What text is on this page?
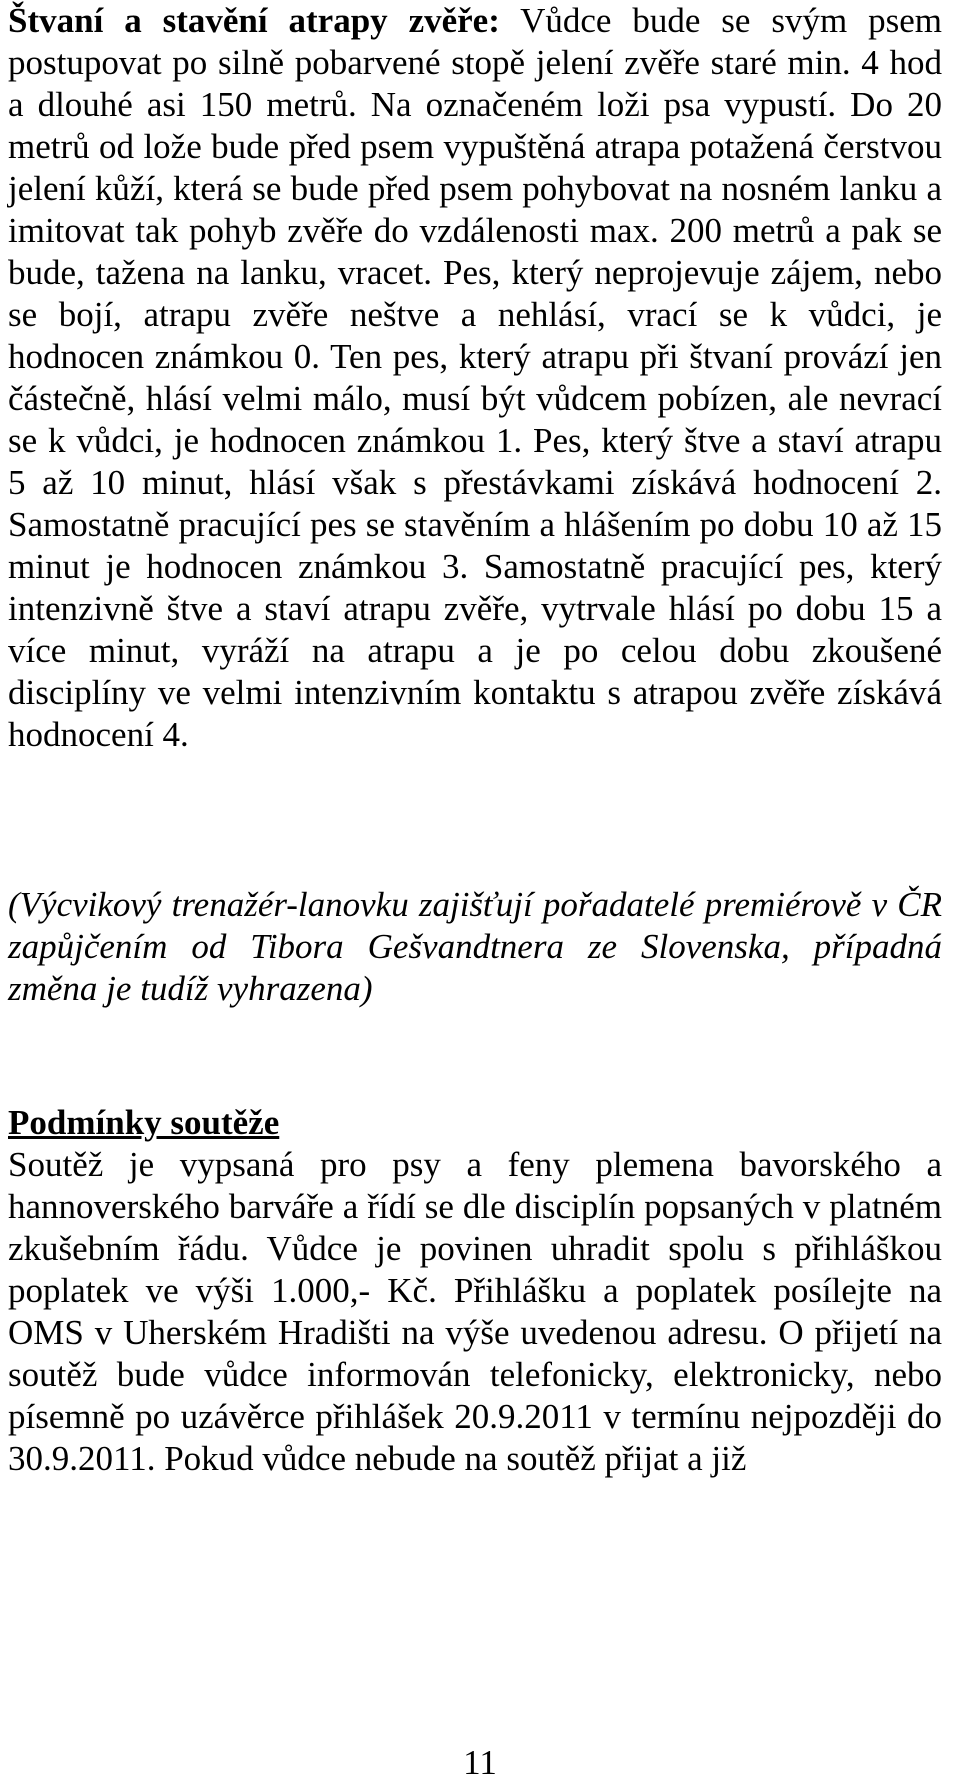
Štvaní a stavění atrapy zvěře: Vůdce bude se svým psem postupovat po silně pobarvené stopě jelení zvěře staré min. 4 hod a dlouhé asi 150 metrů. Na označeném loži psa vypustí. Do 20 metrů od lože bude před psem vypuštěná atrapa potažená čerstvou jelení kůží, která se bude před psem pohybovat na nosném lanku a imitovat tak pohyb zvěře do vzdálenosti max. 200 metrů a pak se bude, tažena na lanku, vracet. Pes, který neprojevuje zájem, nebo se bojí, atrapu zvěře neštve a nehlásí, vrací se k vůdci, je hodnocen známkou 0. Ten pes, který atrapu při štvaní provází jen částečně, hlásí velmi málo, musí být vůdcem pobízen, ale nevrací se k vůdci, je hodnocen známkou 1. Pes, který štve a staví atrapu 5 až 10 minut, hlásí však s přestávkami získává hodnocení 2. Samostatně pracující pes se stavěním a hlášením po dobu 10 až 15 minut je hodnocen známkou 3. Samostatně pracující pes, který intenzivně štve a staví atrapu zvěře, vytrvale hlásí po dobu 15 a více minut, vyráží na atrapu a je po celou dobu zkoušené disciplíny ve velmi intenzivním kontaktu s atrapou zvěře získává hodnocení 4.

(Výcvikový trenažér-lanovku zajišťují pořadatelé premiérově v ČR zapůjčením od Tibora Gešvandtnera ze Slovenska, případná změna je tudíž vyhrazena)

Podmínky soutěže

Soutěž je vypsaná pro psy a feny plemena bavorského a hannoverského barváře a řídí se dle disciplín popsaných v platném zkušebním řádu. Vůdce je povinen uhradit spolu s přihláškou poplatek ve výši 1.000,- Kč. Přihlášku a poplatek posílejte na OMS v Uherském Hradišti na výše uvedenou adresu. O přijetí na soutěž bude vůdce informován telefonicky, elektronicky, nebo písemně po uzávěrce přihlášek 20.9.2011 v termínu nejpozději do 30.9.2011. Pokud vůdce nebude na soutěž přijat a již

11
